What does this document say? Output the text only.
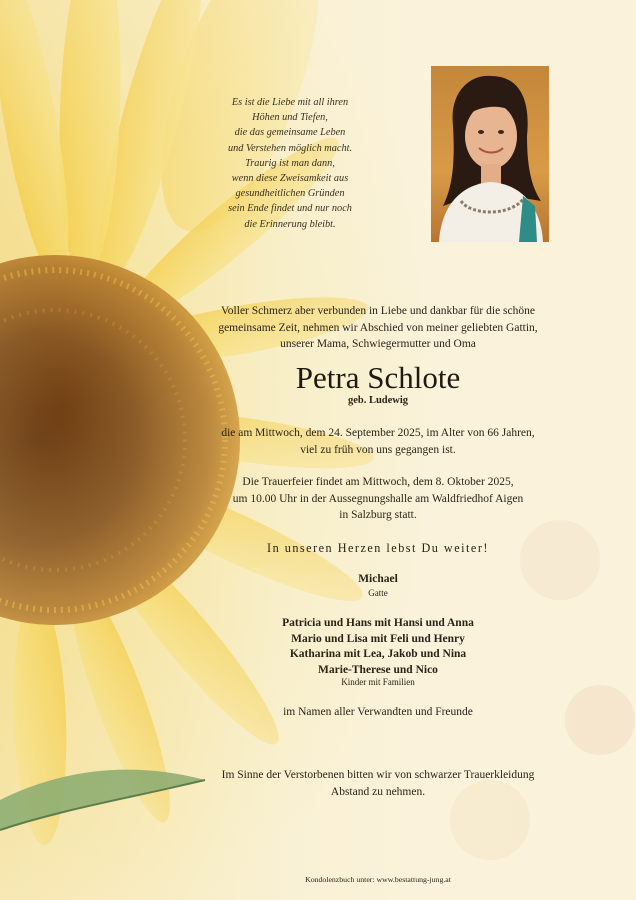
Es ist die Liebe mit all ihren
Höhen und Tiefen,
die das gemeinsame Leben
und Verstehen möglich macht.
Traurig ist man dann,
wenn diese Zweisamkeit aus
gesundheitlichen Gründen
sein Ende findet und nur noch
die Erinnerung bleibt.
Voller Schmerz aber verbunden in Liebe und dankbar für die schöne
gemeinsame Zeit, nehmen wir Abschied von meiner geliebten Gattin,
unserer Mama, Schwiegermutter und Oma
Petra Schlote
geb. Ludewig
die am Mittwoch, dem 24. September 2025, im Alter von 66 Jahren,
viel zu früh von uns gegangen ist.
Die Trauerfeier findet am Mittwoch, dem 8. Oktober 2025,
um 10.00 Uhr in der Aussegnungshalle am Waldfriedhof Aigen
in Salzburg statt.
In unseren Herzen lebst Du weiter!
Michael
Gatte
Patricia und Hans mit Hansi und Anna
Mario und Lisa mit Feli und Henry
Katharina mit Lea, Jakob und Nina
Marie-Therese und Nico
Kinder mit Familien
im Namen aller Verwandten und Freunde
Im Sinne der Verstorbenen bitten wir von schwarzer Trauerkleidung
Abstand zu nehmen.
Kondolenzbuch unter: www.bestattung-jung.at
